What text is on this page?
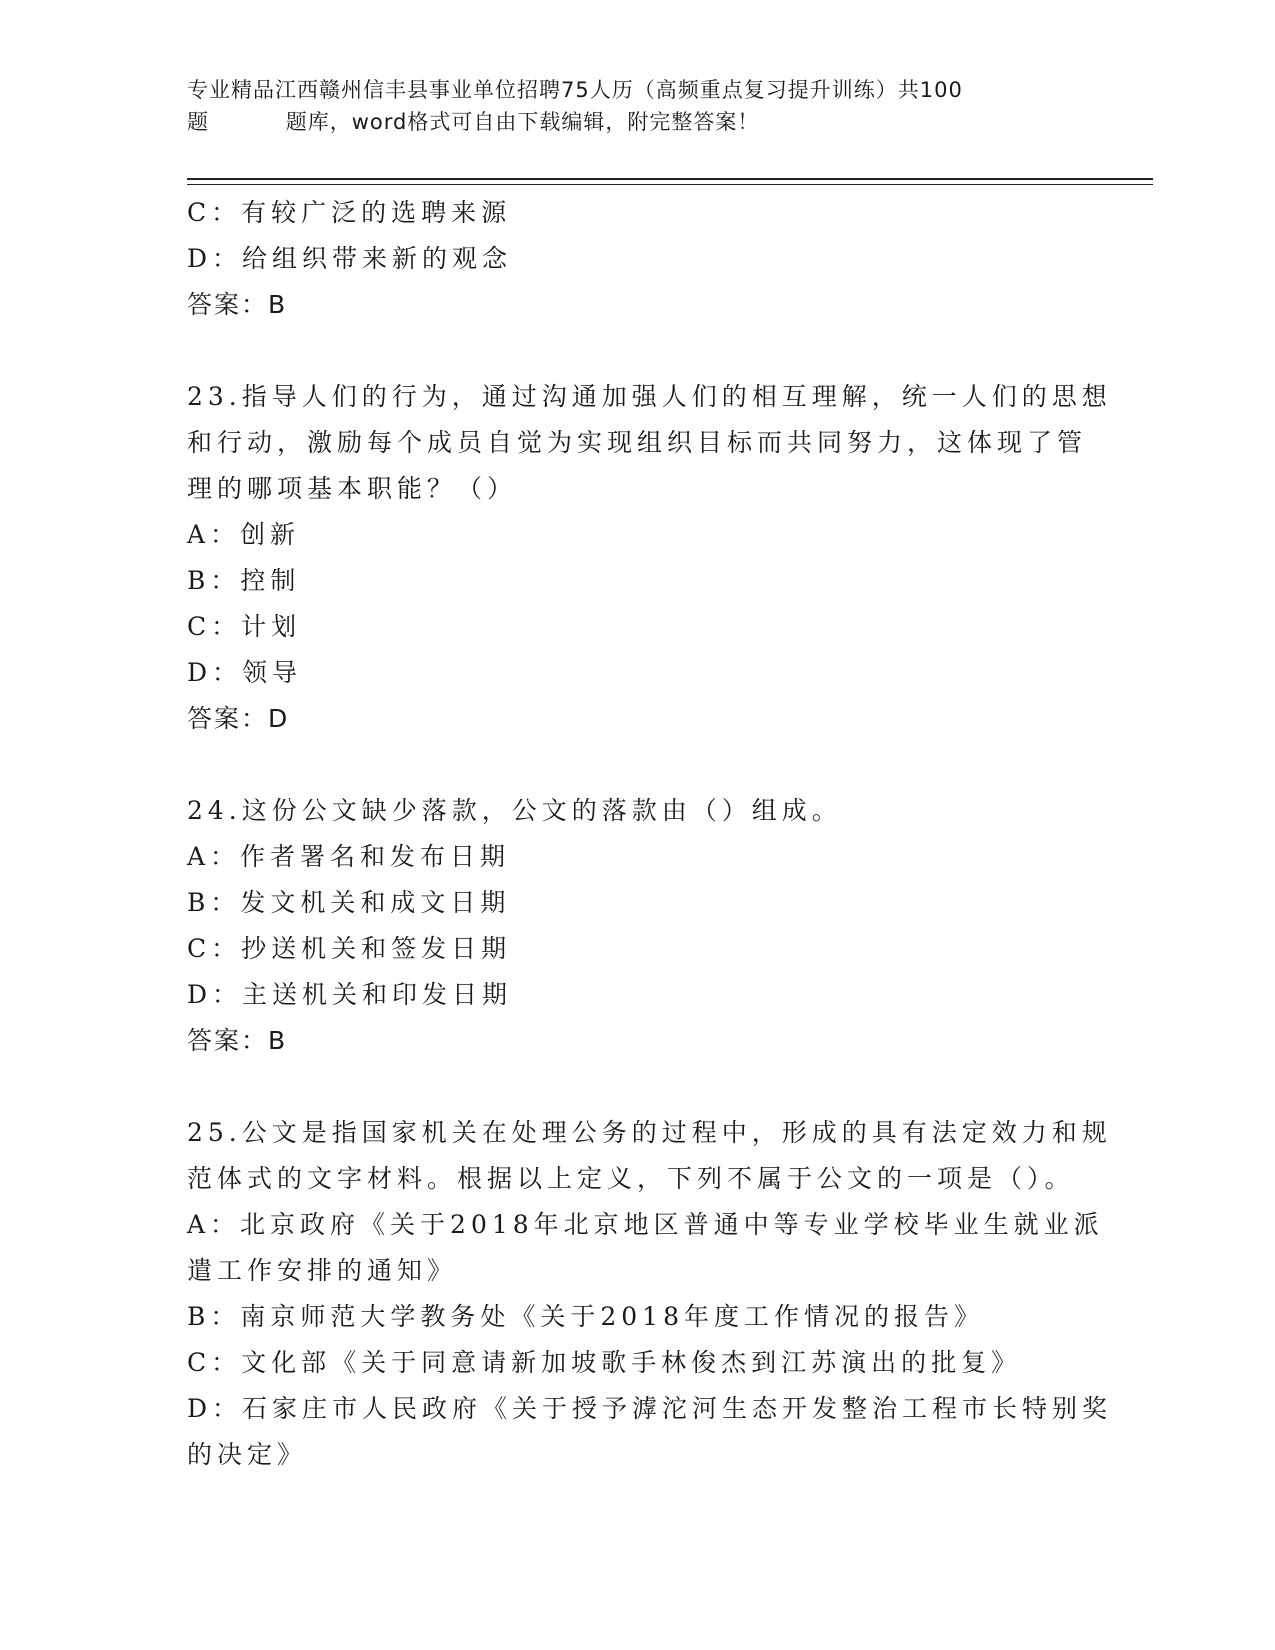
专业精品江西赣州信丰县事业单位招聘75人历（高频重点复习提升训练）共100
题          题库，word格式可自由下载编辑，附完整答案！
C：有较广泛的选聘来源
D：给组织带来新的观念
答案：B
23.指导人们的行为，通过沟通加强人们的相互理解，统一人们的思想
和行动，激励每个成员自觉为实现组织目标而共同努力，这体现了管
理的哪项基本职能？（）
A：创新
B：控制
C：计划
D：领导
答案：D
24.这份公文缺少落款，公文的落款由（）组成。
A：作者署名和发布日期
B：发文机关和成文日期
C：抄送机关和签发日期
D：主送机关和印发日期
答案：B
25.公文是指国家机关在处理公务的过程中，形成的具有法定效力和规
范体式的文字材料。根据以上定义，下列不属于公文的一项是（）。
A：北京政府《关于2018年北京地区普通中等专业学校毕业生就业派
遣工作安排的通知》
B：南京师范大学教务处《关于2018年度工作情况的报告》
C：文化部《关于同意请新加坡歌手林俊杰到江苏演出的批复》
D：石家庄市人民政府《关于授予滹沱河生态开发整治工程市长特别奖
的决定》
